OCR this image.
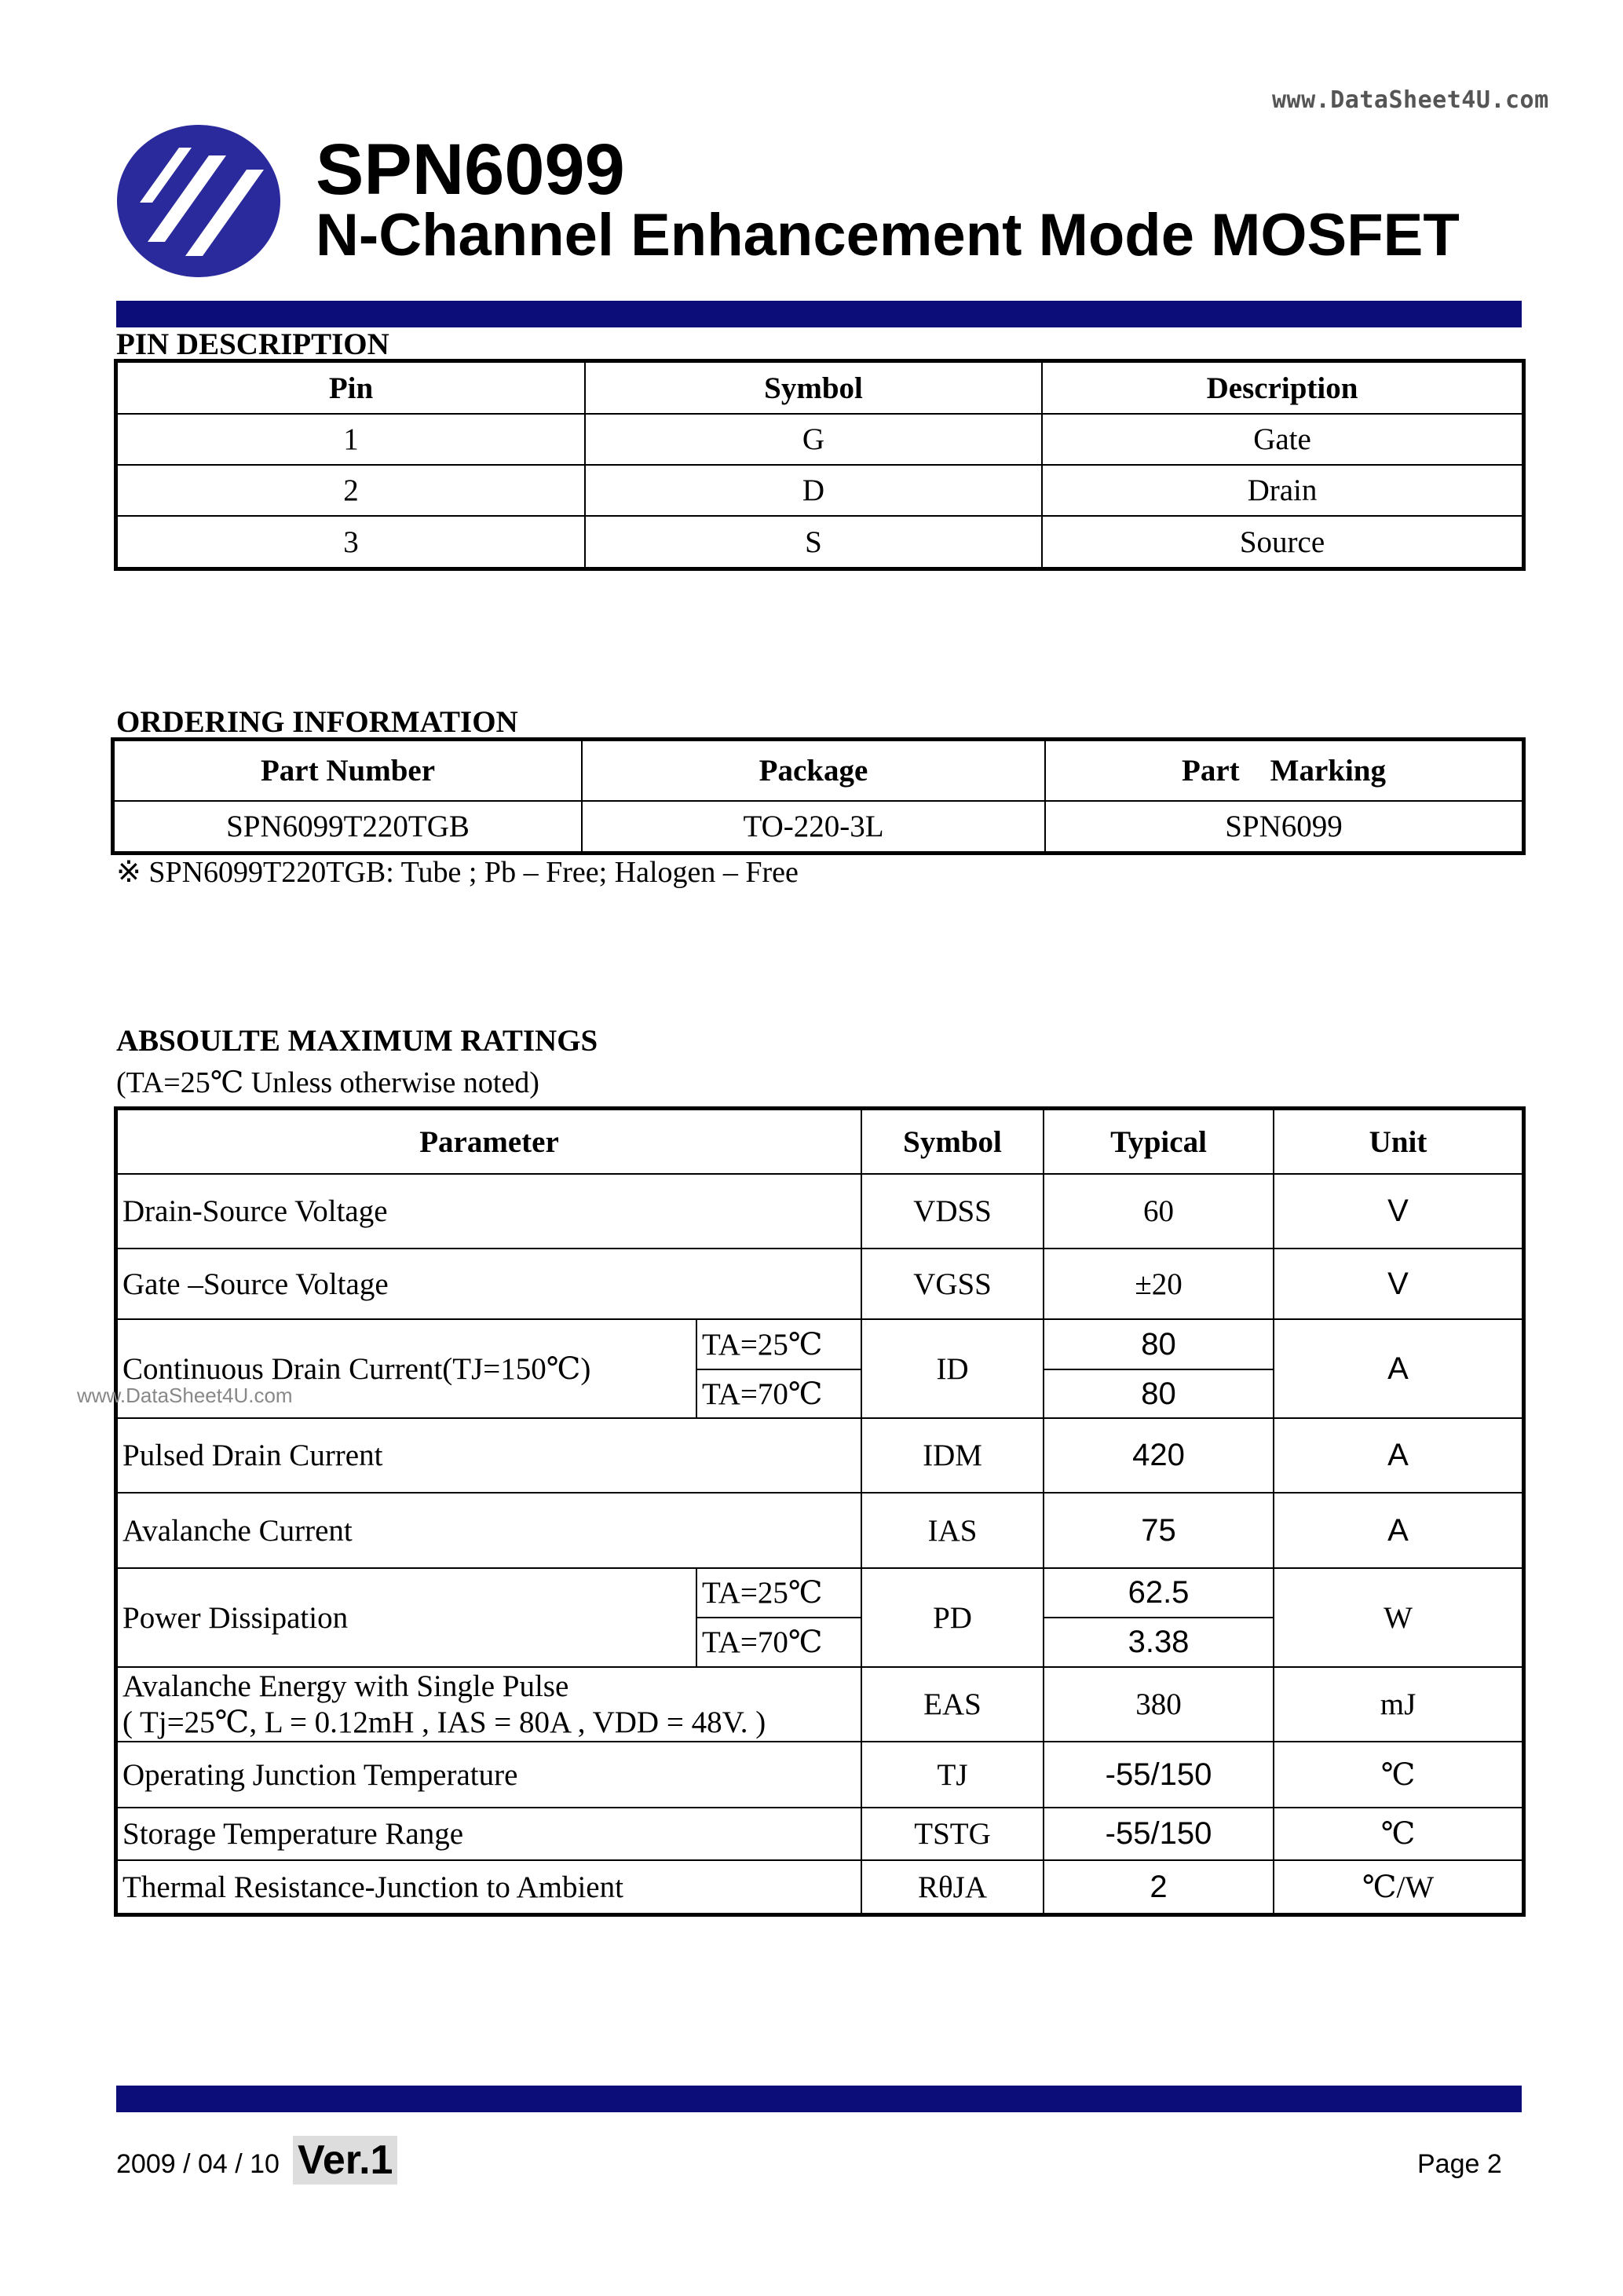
www.DataSheet4U.com
SPN6099
N-Channel Enhancement Mode MOSFET
PIN DESCRIPTION
Pin	Symbol	Description
1	G	Gate
2	D	Drain
3	S	Source
ORDERING INFORMATION
Part Number	Package	Part    Marking
SPN6099T220TGB	TO-220-3L	SPN6099
※ SPN6099T220TGB: Tube ; Pb – Free; Halogen – Free
ABSOULTE MAXIMUM RATINGS
(TA=25℃ Unless otherwise noted)
Parameter		Symbol	Typical	Unit
Drain-Source Voltage		VDSS	60	V
Gate –Source Voltage		VGSS	±20	V
Continuous Drain Current(TJ=150℃)	TA=25℃	ID	80	A
	TA=70℃		80	
Pulsed Drain Current		IDM	420	A
Avalanche Current		IAS	75	A
Power Dissipation	TA=25℃	PD	62.5	W
	TA=70℃		3.38	

Avalanche Energy with Single Pulse
( Tj=25℃, L = 0.12mH , IAS = 80A , VDD = 48V. )		EAS	380	mJ
Operating Junction Temperature		TJ	-55/150	℃
Storage Temperature Range		TSTG	-55/150	℃
Thermal Resistance-Junction to Ambient		RθJA	2	℃/W
www.DataSheet4U.com
2009 / 04 / 10 Ver.1	Page 2
